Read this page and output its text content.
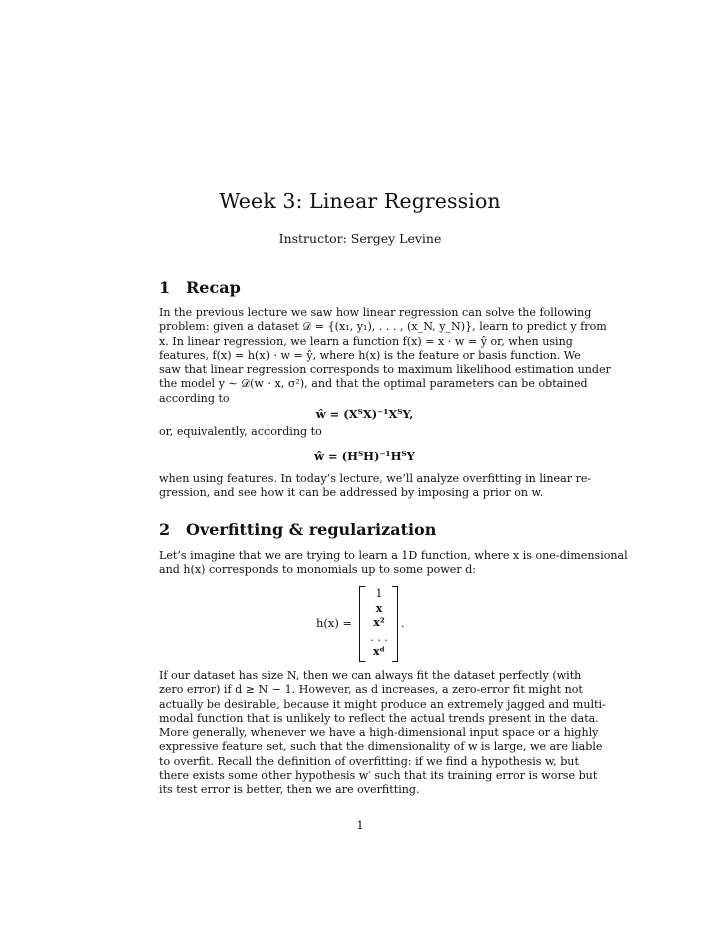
Week 3: Linear Regression
Instructor: Sergey Levine
1 Recap
In the previous lecture we saw how linear regression can solve the following
problem: given a dataset 𝒟 = {(x₁, y₁), . . . , (x_N, y_N)}, learn to predict y from
x. In linear regression, we learn a function f(x) = x · w = ŷ or, when using
features, f(x) = h(x) · w = ŷ, where h(x) is the feature or basis function. We
saw that linear regression corresponds to maximum likelihood estimation under
the model y ∼ 𝒟(w · x, σ²), and that the optimal parameters can be obtained
according to
ŵ = (XᵀX)⁻¹XᵀY,
or, equivalently, according to
ŵ = (HᵀH)⁻¹HᵀY
when using features. In today’s lecture, we’ll analyze overfitting in linear re-
gression, and see how it can be addressed by imposing a prior on w.
2 Overfitting & regularization
Let’s imagine that we are trying to learn a 1D function, where x is one-dimensional
and h(x) corresponds to monomials up to some power d:
h(x) =
1
x
x²
. . .
xᵈ
.
If our dataset has size N, then we can always fit the dataset perfectly (with
zero error) if d ≥ N − 1. However, as d increases, a zero-error fit might not
actually be desirable, because it might produce an extremely jagged and multi-
modal function that is unlikely to reflect the actual trends present in the data.
More generally, whenever we have a high-dimensional input space or a highly
expressive feature set, such that the dimensionality of w is large, we are liable
to overfit. Recall the definition of overfitting: if we find a hypothesis w, but
there exists some other hypothesis w′ such that its training error is worse but
its test error is better, then we are overfitting.
1
